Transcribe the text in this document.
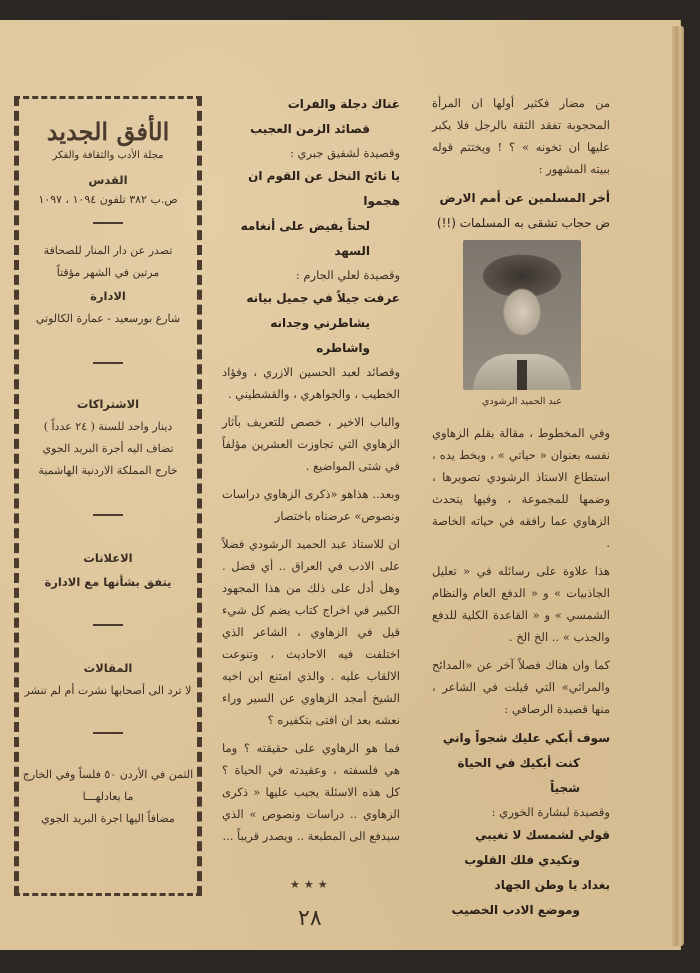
الأفق الجديد
مجلة الأدب والثقافة والفكر
القدس
ص.ب ٣٨٢ تلفون ١٠٩٤ ، ١٠٩٧
تصدر عن دار المنار للصحافة
مرتين في الشهر مؤقتاً
الادارة
شارع بورسعيد - عمارة الكالوتي
الاشتراكات
دينار واحد للسنة ( ٢٤ عدداً )
تضاف اليه أجرة البريد الجوي
خارج المملكة الاردنية الهاشمية
الاعلانات
يتفق بشأنها مع الادارة
المقالات
لا ترد الى أصحابها نشرت أم لم تنشر
الثمن في الأردن ٥٠ فلساً وفي الخارج
ما يعادلهـــا
مضافاً اليها اجرة البريد الجوي
غناك دجلة والفرات
قصائد الزمن العجيب
وقصيدة لشفيق جبري :
يا نائح النخل عن القوم ان هجموا
لحناً يفيض على أنغامه السهد
وقصيدة لعلي الجارم :
عرفت جيلاً في جميل بيانه
يشاطرني وجدانه واشاطره

وقصائد لعبد الحسين الازري ، وفؤاد الخطيب ، والجواهري ، والقشطيني .

والباب الاخير ، خصص للتعريف بآثار الزهاوي التي تجاوزت العشرين مؤلفاً في شتى المواضيع .

وبعد.. هذاهو «ذكرى الزهاوي دراسات ونصوص» عرضناه باختصار

ان للاستاذ عبد الحميد الرشودي فضلاً على الادب في العراق .. أي فضل . وهل أدل على ذلك من هذا المجهود الكبير في اخراج كتاب يضم كل شيء قيل في الزهاوي ، الشاعر الذي اختلفت فيه الاحاديث ، وتنوعت الالقاب عليه . والذي امتنع ابن اخيه الشيخ أمجد الزهاوي عن السير وراء نعشه بعد ان افتى بتكفيره ؟

فما هو الزهاوي على حقيقته ؟ وما هي فلسفته ، وعقيدته في الحياة ؟ كل هذه الاسئلة يجيب عليها « ذكرى الزهاوي .. دراسات ونصوص » الذي سيدفع الى المطبعة .. ويصدر قريباً ...

من مضار فكثير أولها ان المرأة المحجوبة تفقد الثقة بالرجل فلا يكبر عليها ان تخونه » ؟ ! ويختتم قوله ببيته المشهور :

أخر المسلمين عن أمم الارض
ض حجاب تشقى به المسلمات (!!)
عبد الحميد الرشودي

وفي المخطوط ، مقالة بقلم الزهاوي نفسه بعنوان « حياتي » ، وبخط يده ، استطاع الاستاذ الرشودي تصويرها ، وضمها للمجموعة ، وفيها يتحدث الزهاوي عما رافقه في حياته الخاصة .

هذا علاوة على رسائله في « تعليل الجاذبيات » و « الدفع العام والنظام الشمسي » و « القاعدة الكلية للدفع والجذب » .. الخ الخ .

كما وان هناك فصلاً آخر عن «المدائح والمراثي» التي قيلت في الشاعر ، منها قصيدة الرصافي :

سوف أبكي عليك شجواً واني
كنت أبكيك في الحياة شجياً
وقصيدة لبشارة الخوري :
قولي لشمسك لا تغيبي
وتكيدي فلك القلوب
بغداد يا وطن الجهاد
وموضع الادب الخصيب
★★★
٢٨
